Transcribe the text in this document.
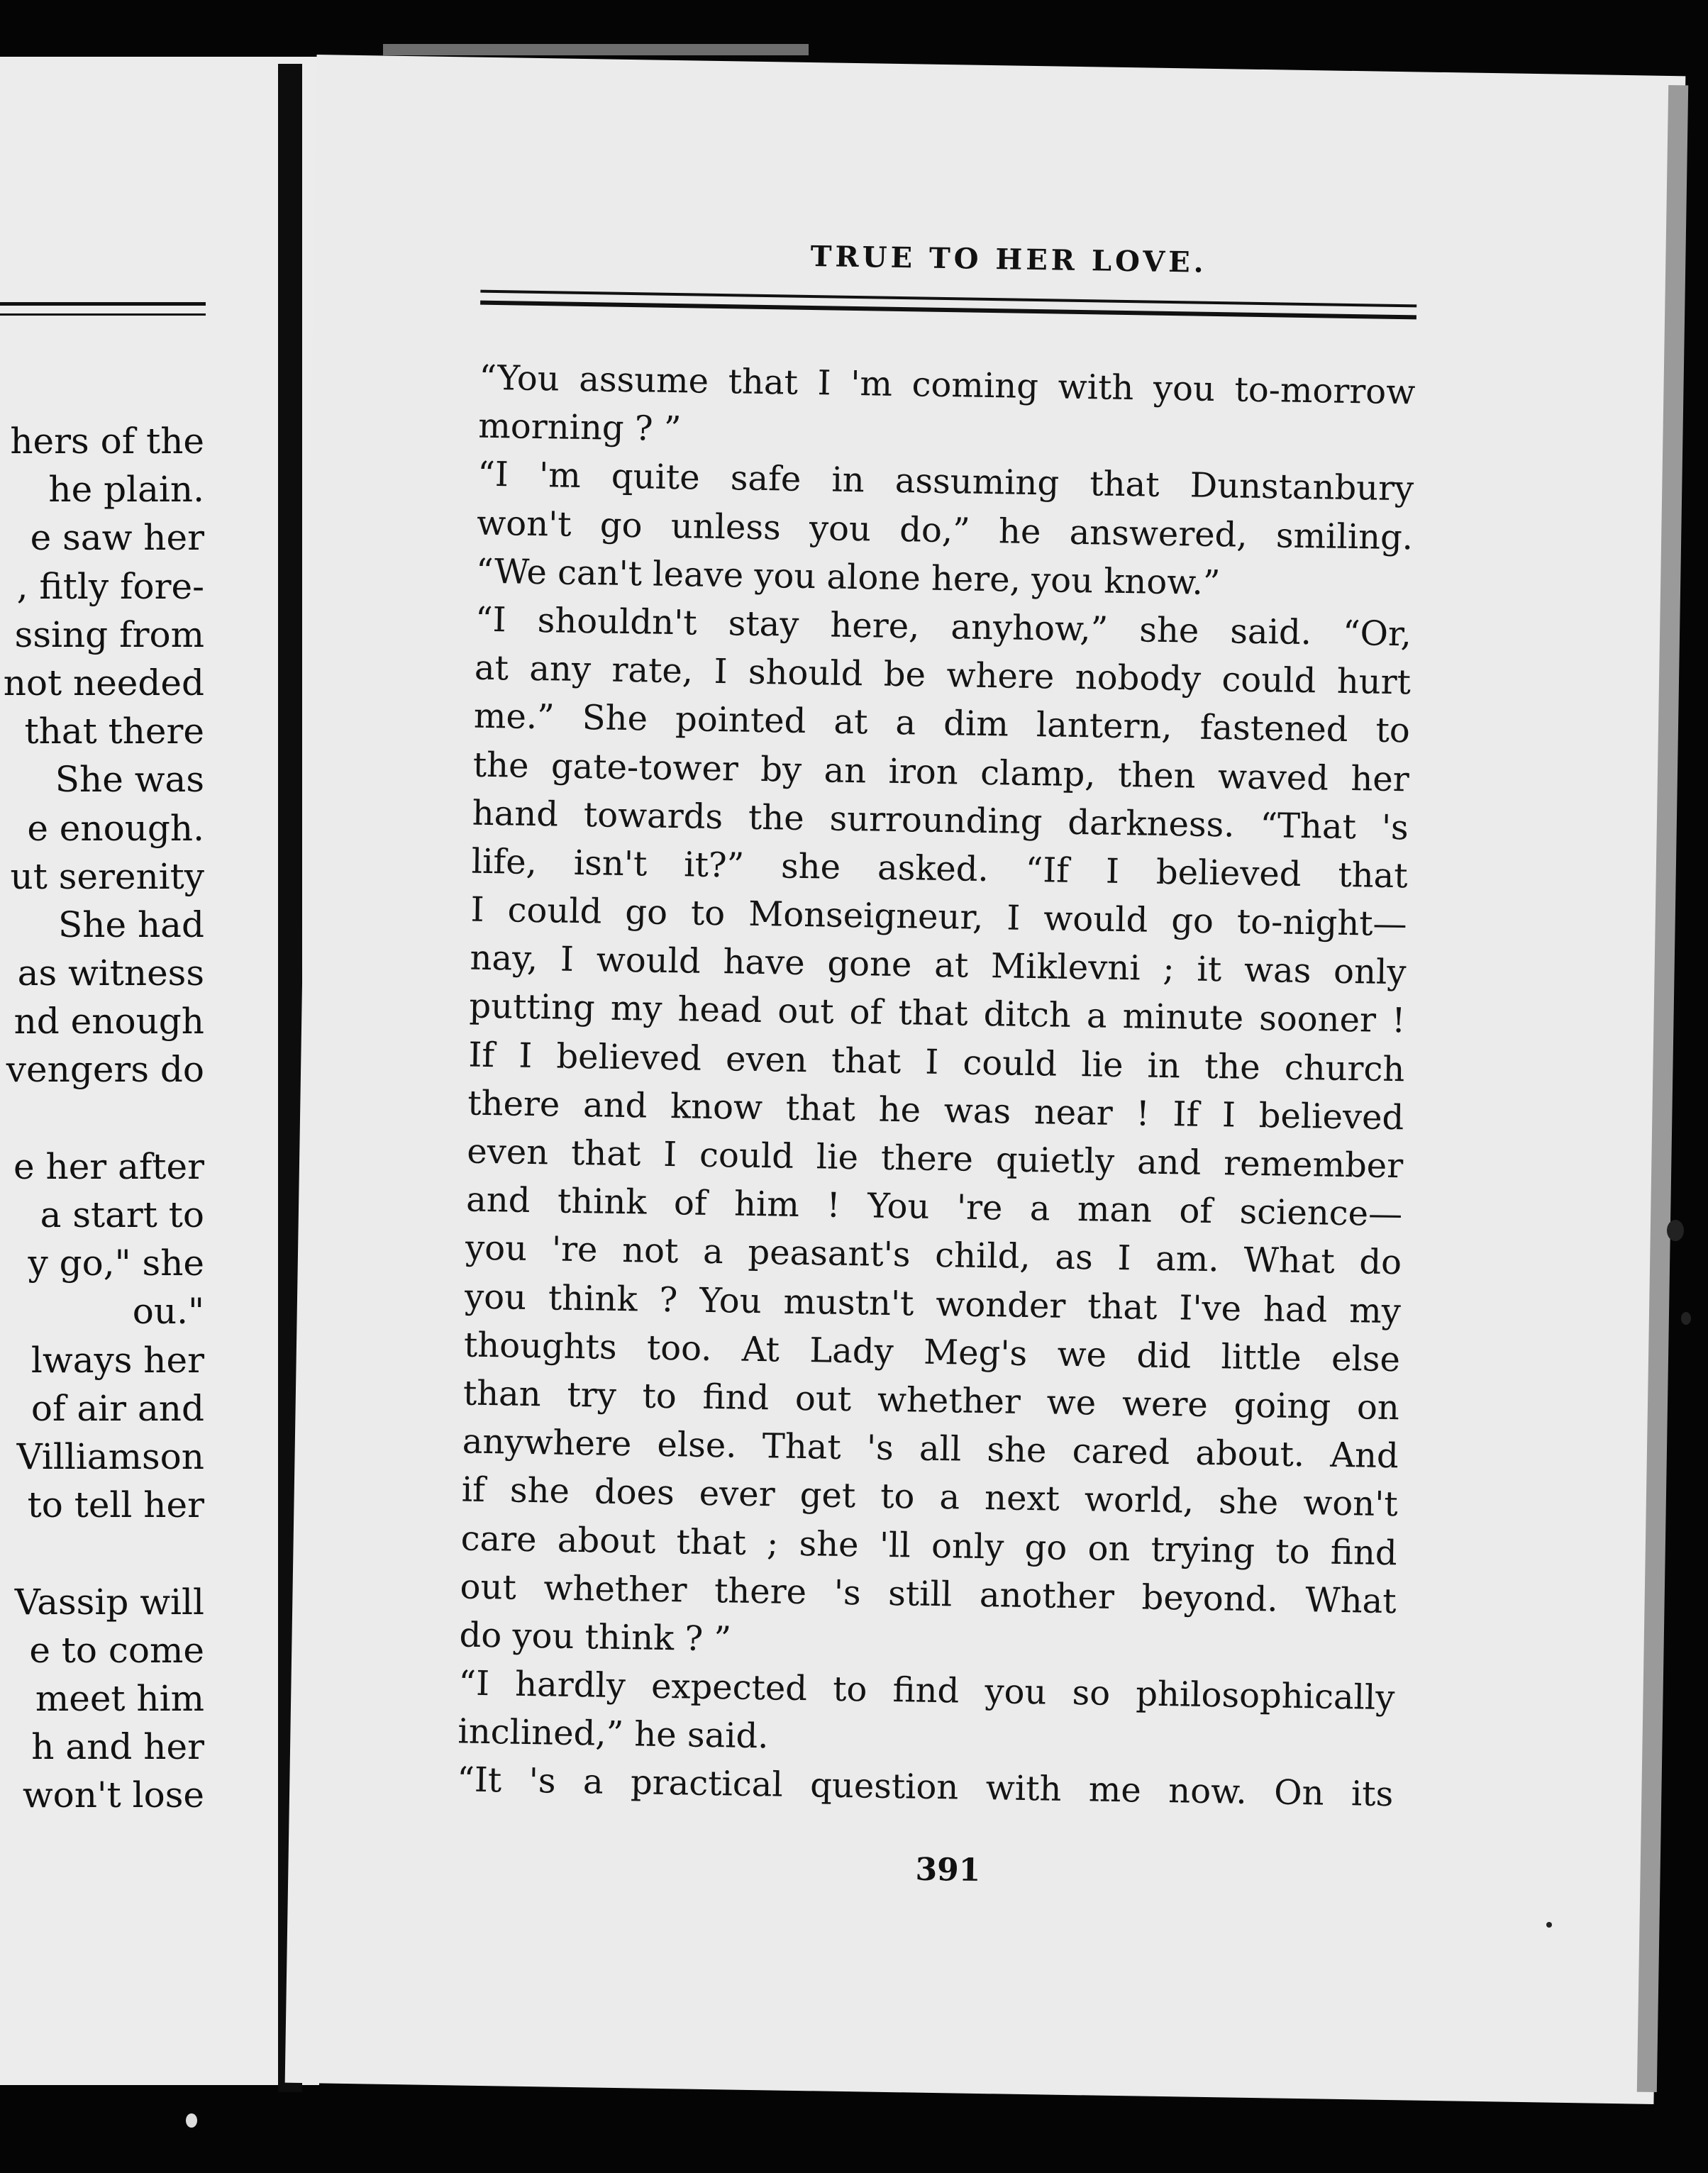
hers of the
he plain.
e saw her
, fitly fore-
ssing from
not needed
that there
She was
e enough.
ut serenity
She had
as witness
nd enough
vengers do
e her after
a start to
y go," she
ou."
lways her
of air and
Villiamson
to tell her
Vassip will
e to come
meet him
h and her
won't lose
TRUE TO HER LOVE.
“You assume that I 'm coming with you to-morrow
morning ? ”
“I 'm quite safe in assuming that Dunstanbury
won't go unless you do,” he answered, smiling.
“We can't leave you alone here, you know.”
“I shouldn't stay here, anyhow,” she said. “Or,
at any rate, I should be where nobody could hurt
me.” She pointed at a dim lantern, fastened to
the gate-tower by an iron clamp, then waved her
hand towards the surrounding darkness. “That 's
life, isn't it?” she asked. “If I believed that
I could go to Monseigneur, I would go to-night—
nay, I would have gone at Miklevni ; it was only
putting my head out of that ditch a minute sooner !
If I believed even that I could lie in the church
there and know that he was near ! If I believed
even that I could lie there quietly and remember
and think of him ! You 're a man of science—
you 're not a peasant's child, as I am. What do
you think ? You mustn't wonder that I've had my
thoughts too. At Lady Meg's we did little else
than try to find out whether we were going on
anywhere else. That 's all she cared about. And
if she does ever get to a next world, she won't
care about that ; she 'll only go on trying to find
out whether there 's still another beyond. What
do you think ? ”
“I hardly expected to find you so philosophically
inclined,” he said.
“It 's a practical question with me now. On its
391
